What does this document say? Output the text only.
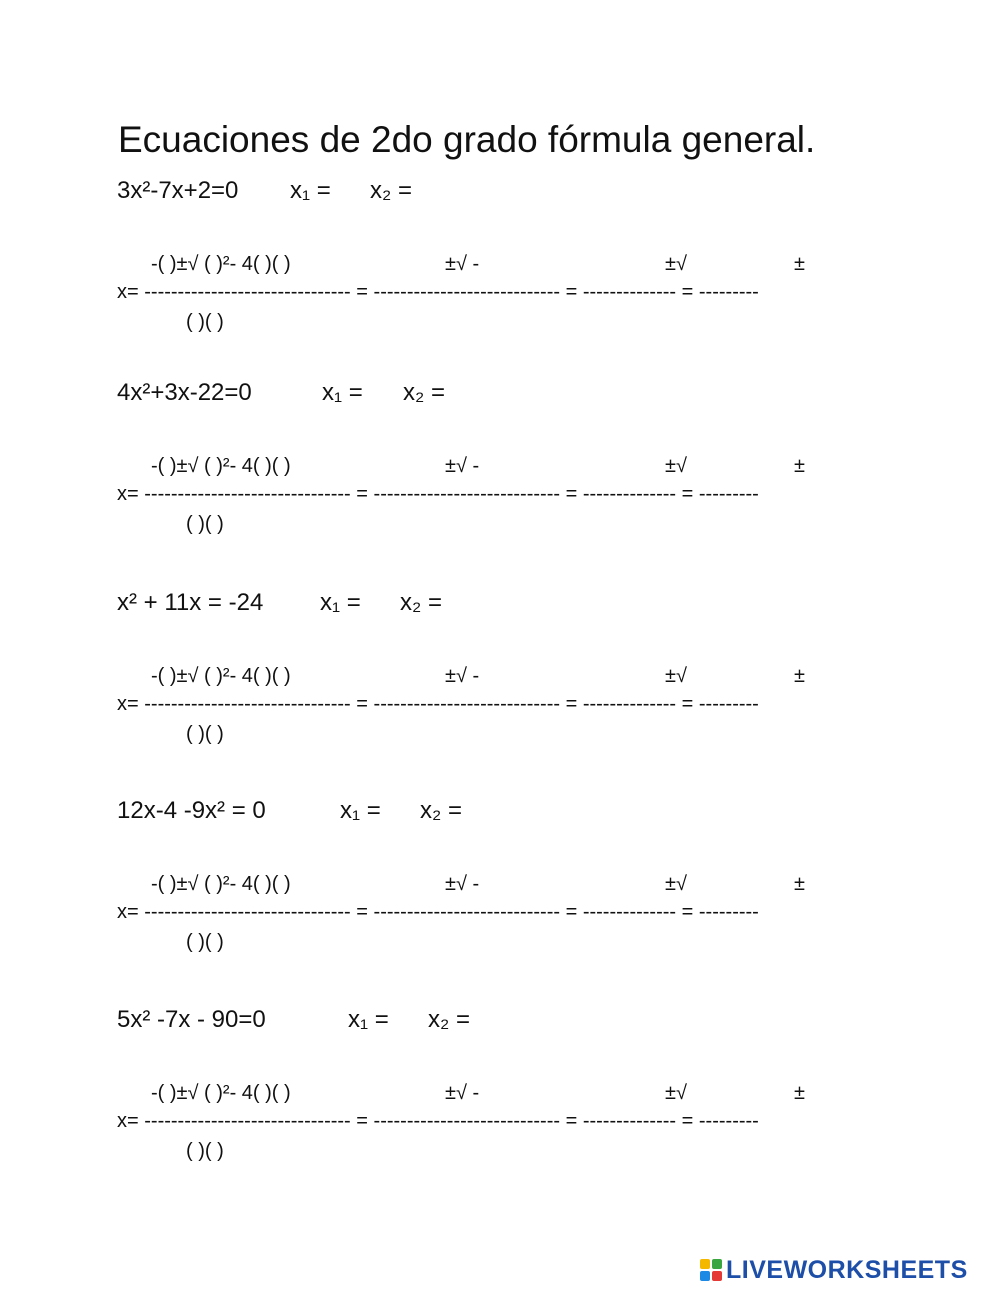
Ecuaciones de 2do grado fórmula general.
3x²-7x+2=0 x₁ = x₂ =
-( )±√ ( )²- 4( )( )	±√ -	±√	±
x= ------------------------------- = ---------------------------- = -------------- = ---------
( )( )
4x²+3x-22=0	x₁ = x₂ =
-( )±√ ( )²- 4( )( )	±√ -	±√	±
x= ------------------------------- = ---------------------------- = -------------- = ---------
( )( )
x² + 11x = -24 x₁ = x₂ =
-( )±√ ( )²- 4( )( )	±√ -	±√	±
x= ------------------------------- = ---------------------------- = -------------- = ---------
( )( )
12x-4 -9x² = 0	x₁ = x₂ =
-( )±√ ( )²- 4( )( )	±√ -	±√	±
x= ------------------------------- = ---------------------------- = -------------- = ---------
( )( )
5x² -7x - 90=0	x₁ = x₂ =
-( )±√ ( )²- 4( )( )	±√ -	±√	±
x= ------------------------------- = ---------------------------- = -------------- = ---------
( )( )
LIVEWORKSHEETS
